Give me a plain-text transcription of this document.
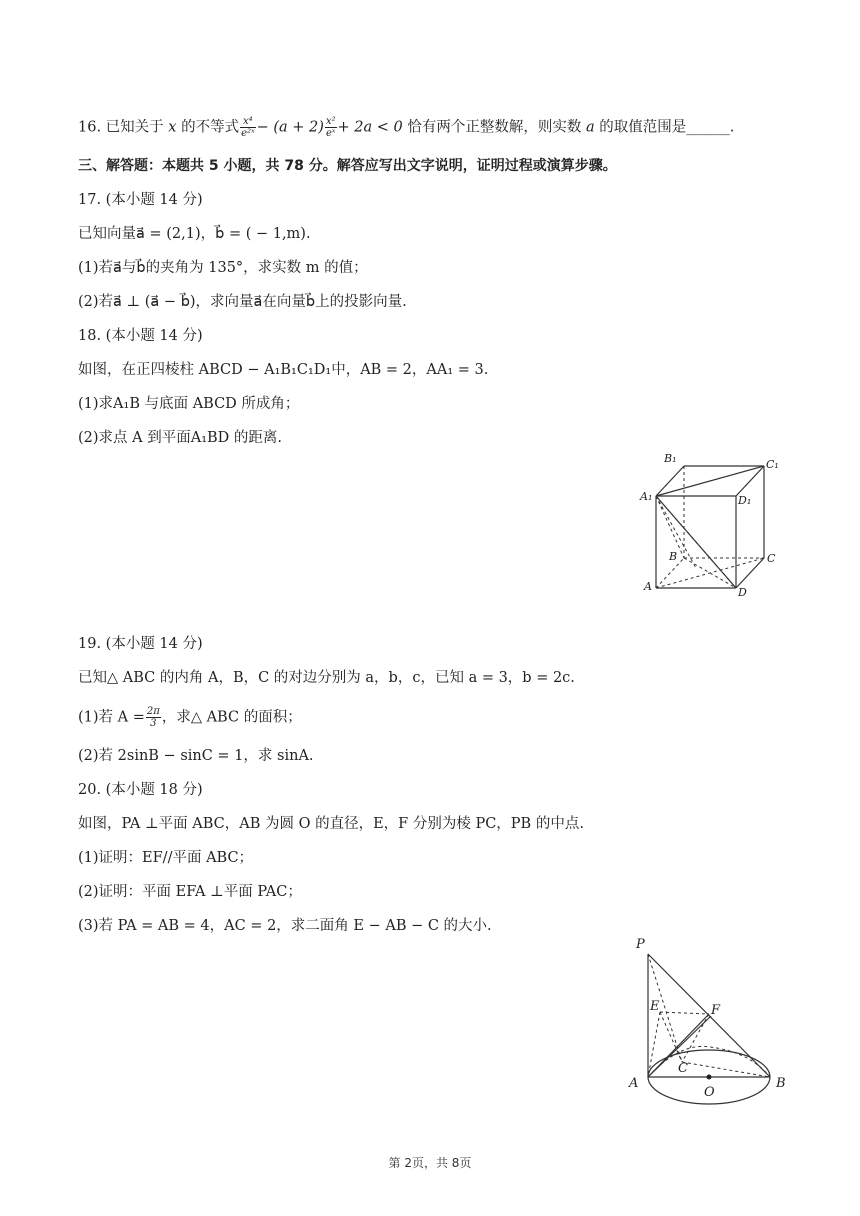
16. 已知关于 x 的不等式 $\frac{\text{x⁴}}{\text{e²ˣ}} - (a + 2) \frac{\text{x²}}{\text{eˣ}} + 2a < 0$ 恰有两个正整数解，则实数 a 的取值范围是______.
三、解答题：本题共 5 小题，共 78 分。解答应写出文字说明，证明过程或演算步骤。
17. (本小题 14 分)
已知向量a⃗ = (2,1)，b⃗ = ( − 1,m).
(1)若a⃗与b⃗的夹角为 135°，求实数 m 的值；
(2)若a⃗ ⊥ (a⃗ − b⃗)，求向量a⃗在向量b⃗上的投影向量.
18. (本小题 14 分)
如图，在正四棱柱 ABCD − A₁B₁C₁D₁中，AB = 2，AA₁ = 3.
(1)求A₁B 与底面 ABCD 所成角；
(2)求点 A 到平面A₁BD 的距离.
B₁	C₁
A₁	D₁
B	C
A	D
19. (本小题 14 分)
已知△ ABC 的内角 A，B，C 的对边分别为 a，b，c，已知 a = 3，b = 2c.
(1)若 $A = \frac{2\pi}{3}$ ，求△ ABC 的面积；
(2)若 2sinB − sinC = 1，求 sinA.
20. (本小题 18 分)
如图，PA ⊥平面 ABC，AB 为圆 O 的直径，E，F 分别为棱 PC，PB 的中点.
(1)证明：EF//平面 ABC；
(2)证明：平面 EFA ⊥平面 PAC；
(3)若 PA = AB = 4，AC = 2，求二面角 E − AB − C 的大小.
P
E	F
C
A
O
B
第 2页，共 8页
